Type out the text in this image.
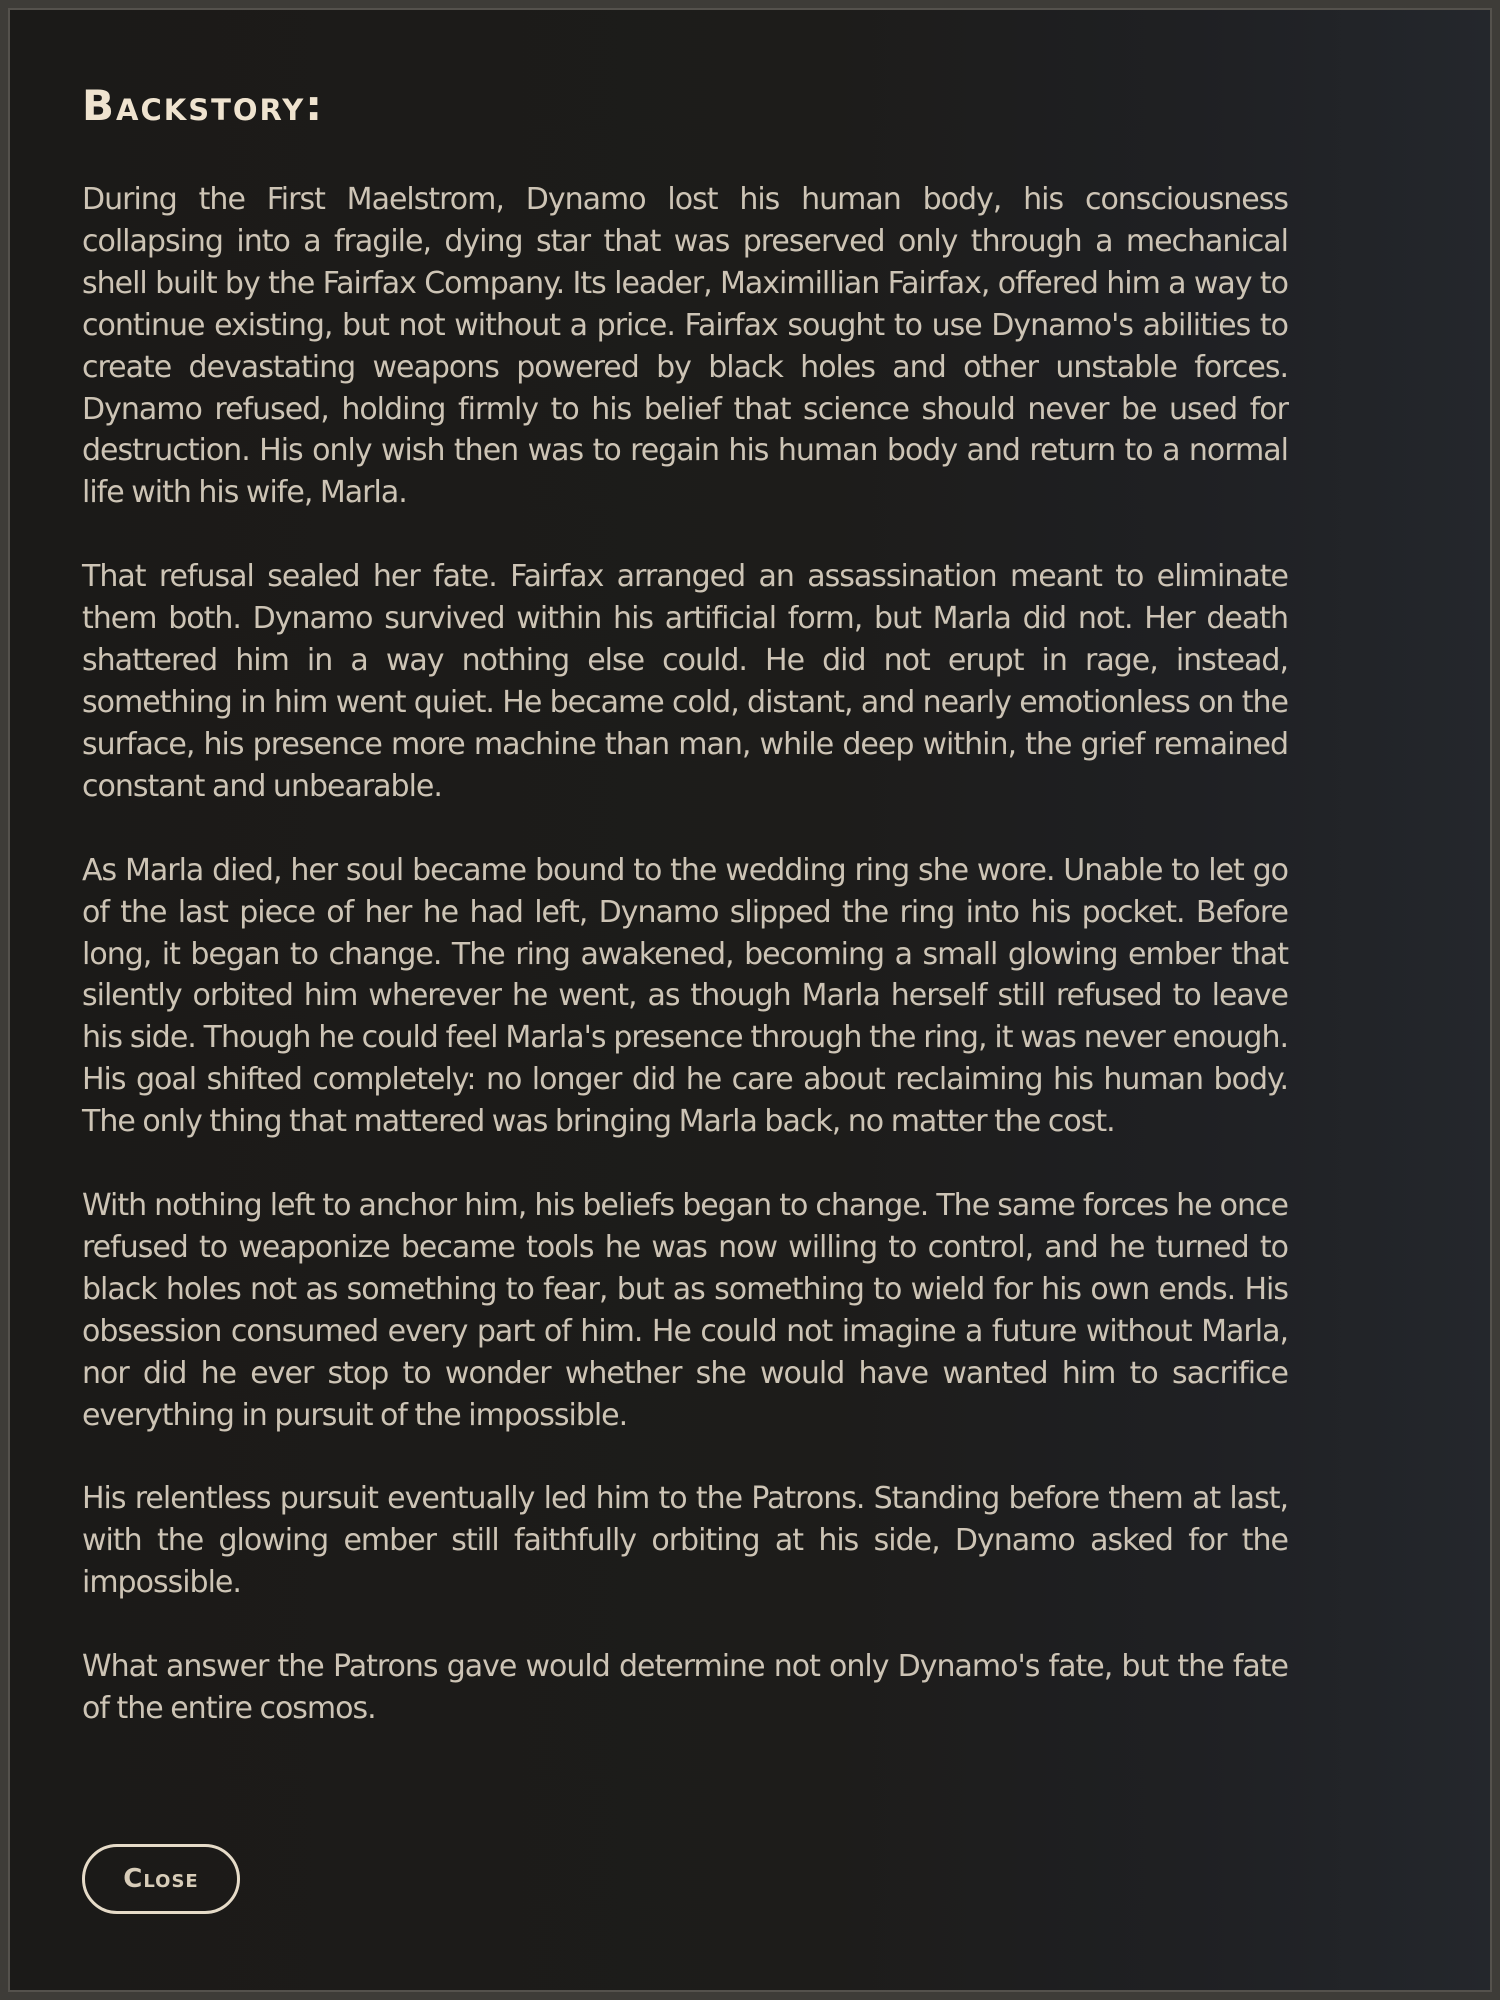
Backstory:

During the First Maelstrom, Dynamo lost his human body, his consciousness collapsing into a fragile, dying star that was preserved only through a mechanical shell built by the Fairfax Company. Its leader, Maximillian Fairfax, offered him a way to continue existing, but not without a price. Fairfax sought to use Dynamo's abilities to create devastating weapons powered by black holes and other unstable forces. Dynamo refused, holding firmly to his belief that science should never be used for destruction. His only wish then was to regain his human body and return to a normal life with his wife, Marla.

That refusal sealed her fate. Fairfax arranged an assassination meant to eliminate them both. Dynamo survived within his artificial form, but Marla did not. Her death shattered him in a way nothing else could. He did not erupt in rage, instead, something in him went quiet. He became cold, distant, and nearly emotionless on the surface, his presence more machine than man, while deep within, the grief remained constant and unbearable.

As Marla died, her soul became bound to the wedding ring she wore. Unable to let go of the last piece of her he had left, Dynamo slipped the ring into his pocket. Before long, it began to change. The ring awakened, becoming a small glowing ember that silently orbited him wherever he went, as though Marla herself still refused to leave his side. Though he could feel Marla's presence through the ring, it was never enough. His goal shifted completely: no longer did he care about reclaiming his human body. The only thing that mattered was bringing Marla back, no matter the cost.

With nothing left to anchor him, his beliefs began to change. The same forces he once refused to weaponize became tools he was now willing to control, and he turned to black holes not as something to fear, but as something to wield for his own ends. His obsession consumed every part of him. He could not imagine a future without Marla, nor did he ever stop to wonder whether she would have wanted him to sacrifice everything in pursuit of the impossible.

His relentless pursuit eventually led him to the Patrons. Standing before them at last, with the glowing ember still faithfully orbiting at his side, Dynamo asked for the impossible.

What answer the Patrons gave would determine not only Dynamo's fate, but the fate of the entire cosmos.

Close
